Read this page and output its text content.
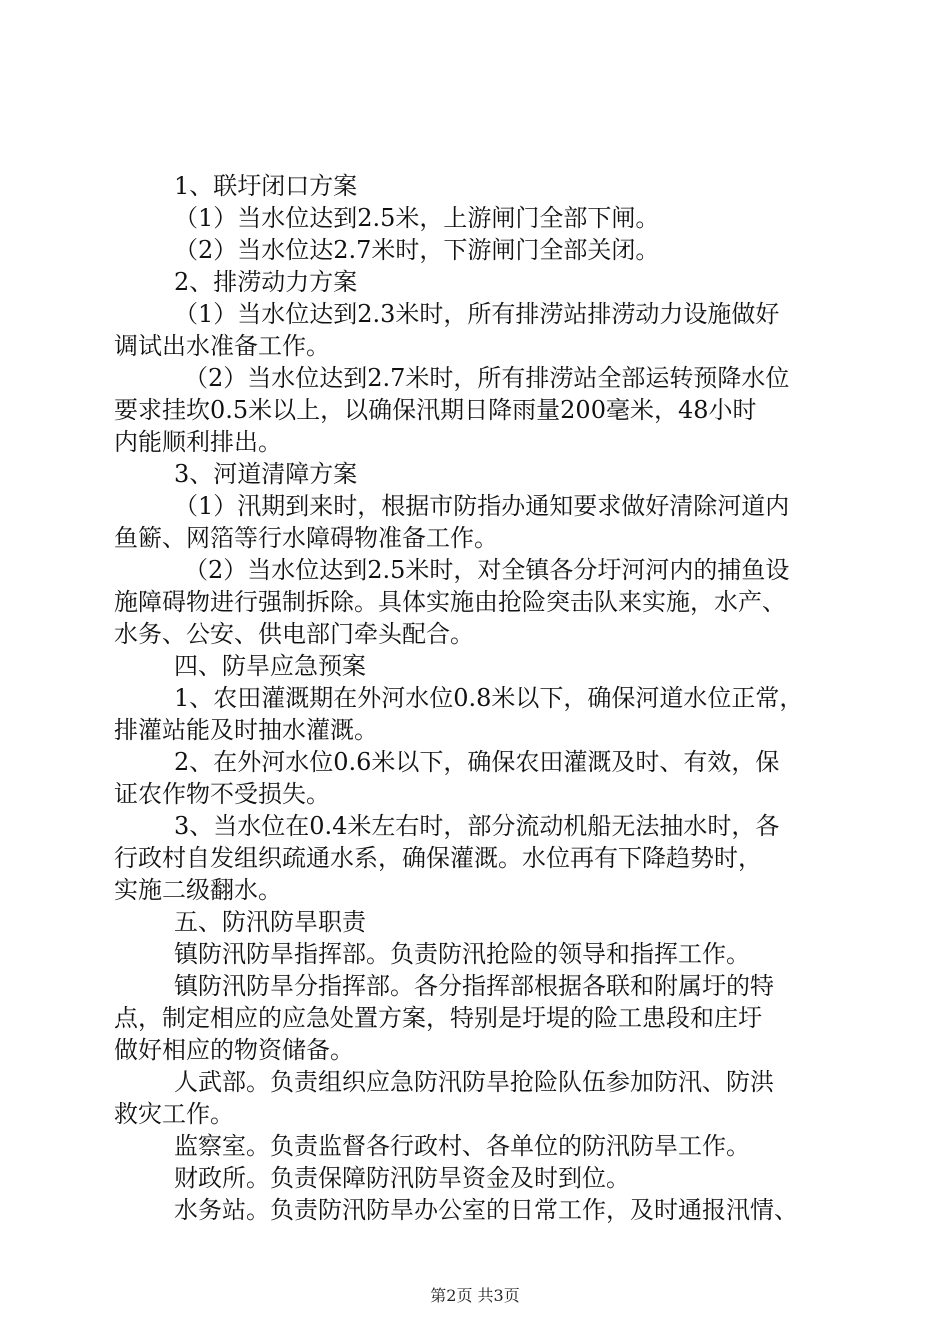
1、联圩闭口方案
（1）当水位达到2.5米，上游闸门全部下闸。
（2）当水位达2.7米时，下游闸门全部关闭。
2、排涝动力方案
（1）当水位达到2.3米时，所有排涝站排涝动力设施做好
调试出水准备工作。
（2）当水位达到2.7米时，所有排涝站全部运转预降水位
要求挂坎0.5米以上，以确保汛期日降雨量200毫米，48小时
内能顺利排出。
3、河道清障方案
（1）汛期到来时，根据市防指办通知要求做好清除河道内
鱼簖、网箔等行水障碍物准备工作。
（2）当水位达到2.5米时，对全镇各分圩河河内的捕鱼设
施障碍物进行强制拆除。具体实施由抢险突击队来实施，水产、
水务、公安、供电部门牵头配合。
四、防旱应急预案
1、农田灌溉期在外河水位0.8米以下，确保河道水位正常，
排灌站能及时抽水灌溉。
2、在外河水位0.6米以下，确保农田灌溉及时、有效，保
证农作物不受损失。
3、当水位在0.4米左右时，部分流动机船无法抽水时，各
行政村自发组织疏通水系，确保灌溉。水位再有下降趋势时，
实施二级翻水。
五、防汛防旱职责
镇防汛防旱指挥部。负责防汛抢险的领导和指挥工作。
镇防汛防旱分指挥部。各分指挥部根据各联和附属圩的特
点，制定相应的应急处置方案，特别是圩堤的险工患段和庄圩
做好相应的物资储备。
人武部。负责组织应急防汛防旱抢险队伍参加防汛、防洪
救灾工作。
监察室。负责监督各行政村、各单位的防汛防旱工作。
财政所。负责保障防汛防旱资金及时到位。
水务站。负责防汛防旱办公室的日常工作，及时通报汛情、
第2页 共3页
